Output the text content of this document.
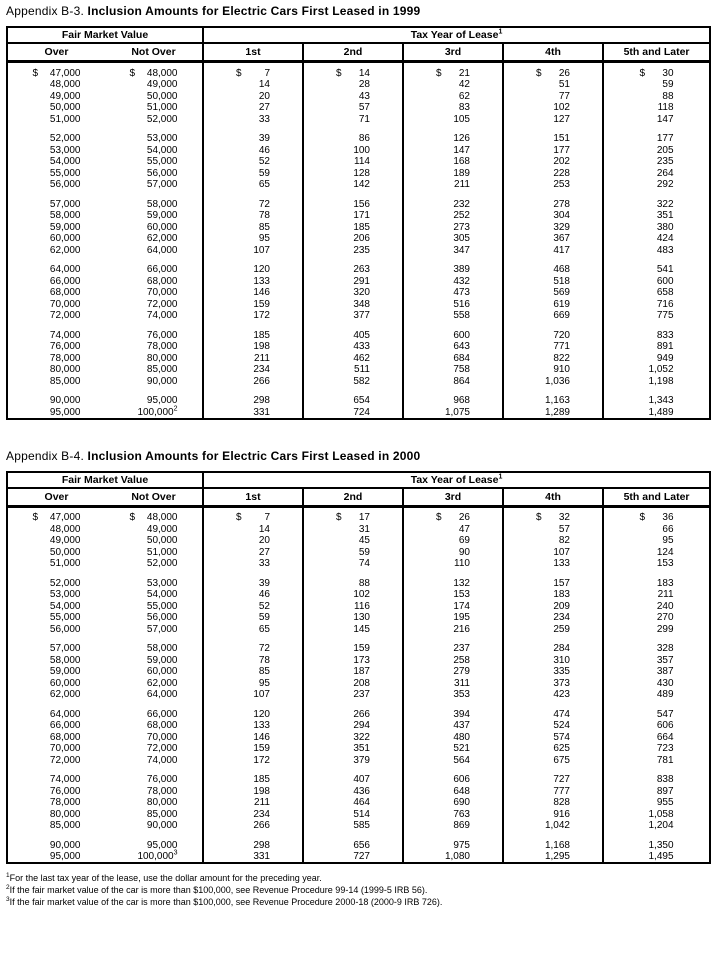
Appendix B-3. Inclusion Amounts for Electric Cars First Leased in 1999
Fair Market Value		Tax Year of Lease$^1$
Over	Not Over	1st	2nd	3rd	4th	5th and Later

$ 47,000	$ 48,000	$ 7	$ 14	$ 21	$ 26	$ 30

48,000	49,000	14	28	42	51	59

49,000	50,000	20	43	62	77	88

50,000	51,000	27	57	83	102	118

51,000	52,000	33	71	105	127	147

52,000	53,000	39	86	126	151	177

53,000	54,000	46	100	147	177	205

54,000	55,000	52	114	168	202	235

55,000	56,000	59	128	189	228	264

56,000	57,000	65	142	211	253	292

57,000	58,000	72	156	232	278	322

58,000	59,000	78	171	252	304	351

59,000	60,000	85	185	273	329	380

60,000	62,000	95	206	305	367	424

62,000	64,000	107	235	347	417	483

64,000	66,000	120	263	389	468	541

66,000	68,000	133	291	432	518	600

68,000	70,000	146	320	473	569	658

70,000	72,000	159	348	516	619	716

72,000	74,000	172	377	558	669	775

74,000	76,000	185	405	600	720	833

76,000	78,000	198	433	643	771	891

78,000	80,000	211	462	684	822	949

80,000	85,000	234	511	758	910	1,052

85,000	90,000	266	582	864	1,036	1,198

90,000	95,000	298	654	968	1,163	1,343

95,000	100,000$^2$	331	724	1,075	1,289	1,489
Appendix B-4. Inclusion Amounts for Electric Cars First Leased in 2000
Fair Market Value		Tax Year of Lease$^1$
Over	Not Over	1st	2nd	3rd	4th	5th and Later

$ 47,000	$ 48,000	$ 7	$ 17	$ 26	$ 32	$ 36

48,000	49,000	14	31	47	57	66

49,000	50,000	20	45	69	82	95

50,000	51,000	27	59	90	107	124

51,000	52,000	33	74	110	133	153

52,000	53,000	39	88	132	157	183

53,000	54,000	46	102	153	183	211

54,000	55,000	52	116	174	209	240

55,000	56,000	59	130	195	234	270

56,000	57,000	65	145	216	259	299

57,000	58,000	72	159	237	284	328

58,000	59,000	78	173	258	310	357

59,000	60,000	85	187	279	335	387

60,000	62,000	95	208	311	373	430

62,000	64,000	107	237	353	423	489

64,000	66,000	120	266	394	474	547

66,000	68,000	133	294	437	524	606

68,000	70,000	146	322	480	574	664

70,000	72,000	159	351	521	625	723

72,000	74,000	172	379	564	675	781

74,000	76,000	185	407	606	727	838

76,000	78,000	198	436	648	777	897

78,000	80,000	211	464	690	828	955

80,000	85,000	234	514	763	916	1,058

85,000	90,000	266	585	869	1,042	1,204

90,000	95,000	298	656	975	1,168	1,350

95,000	100,000$^3$	331	727	1,080	1,295	1,495
$^1$For the last tax year of the lease, use the dollar amount for the preceding year.
$^2$If the fair market value of the car is more than $100,000, see Revenue Procedure 99-14 (1999-5 IRB 56).
$^3$If the fair market value of the car is more than $100,000, see Revenue Procedure 2000-18 (2000-9 IRB 726).
